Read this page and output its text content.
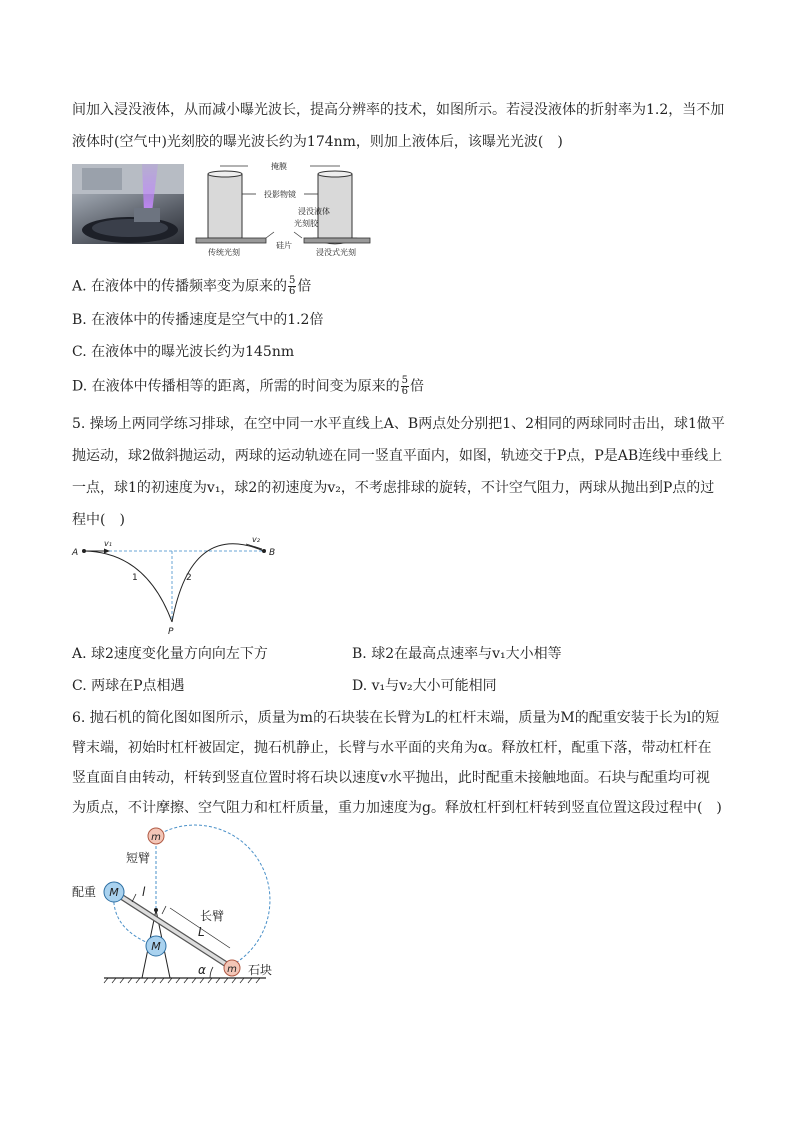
间加入浸没液体，从而减小曝光波长，提高分辨率的技术，如图所示。若浸没液体的折射率为1.2，当不加
液体时(空气中)光刻胶的曝光波长约为174nm，则加上液体后，该曝光光波(　)
掩膜
投影物镜
浸没液体
光刻胶
硅片
传统光刻	浸没式光刻
A. 在液体中的传播频率变为原来的 $\frac{5}{6}$ 倍
B. 在液体中的传播速度是空气中的1.2倍
C. 在液体中的曝光波长约为145nm
D. 在液体中传播相等的距离，所需的时间变为原来的 $\frac{5}{6}$ 倍
5. 操场上两同学练习排球，在空中同一水平直线上A、B两点处分别把1、2相同的两球同时击出，球1做平
抛运动，球2做斜抛运动，两球的运动轨迹在同一竖直平面内，如图，轨迹交于P点，P是AB连线中垂线上
一点，球1的初速度为v₁，球2的初速度为v₂，不考虑排球的旋转，不计空气阻力，两球从抛出到P点的过
程中(　)
A	B
P
v₁	v₂
1	2
A. 球2速度变化量方向向左下方	B. 球2在最高点速率与v₁大小相等
C. 两球在P点相遇	D. v₁与v₂大小可能相同
6. 抛石机的简化图如图所示，质量为m的石块装在长臂为L的杠杆末端，质量为M的配重安装于长为l的短
臂末端，初始时杠杆被固定，抛石机静止，长臂与水平面的夹角为α。释放杠杆，配重下落，带动杠杆在
竖直面自由转动，杆转到竖直位置时将石块以速度v水平抛出，此时配重未接触地面。石块与配重均可视
为质点，不计摩擦、空气阻力和杠杆质量，重力加速度为g。释放杠杆到杠杆转到竖直位置这段过程中(　)
m
M
M
m
短臂
配重
长臂
石块
l
L
α
